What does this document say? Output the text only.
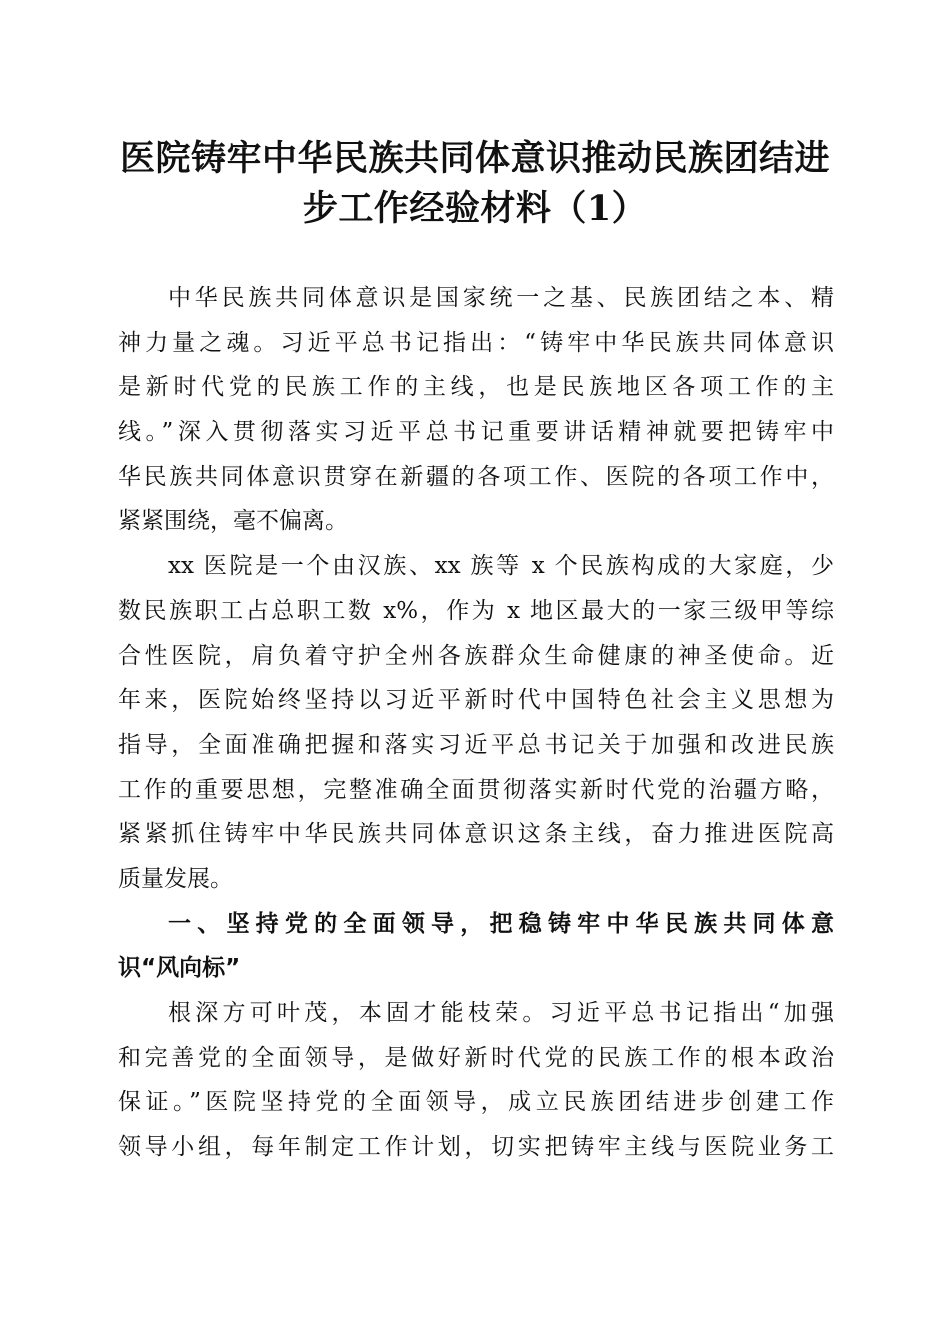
医院铸牢中华民族共同体意识推动民族团结进
步工作经验材料（1）
中华民族共同体意识是国家统一之基、民族团结之本、精
神力量之魂。习近平总书记指出：“铸牢中华民族共同体意识
是新时代党的民族工作的主线，也是民族地区各项工作的主
线。”深入贯彻落实习近平总书记重要讲话精神就要把铸牢中
华民族共同体意识贯穿在新疆的各项工作、医院的各项工作中，
紧紧围绕，毫不偏离。
xx 医院是一个由汉族、xx 族等 x 个民族构成的大家庭，少
数民族职工占总职工数 x%，作为 x 地区最大的一家三级甲等综
合性医院，肩负着守护全州各族群众生命健康的神圣使命。近
年来，医院始终坚持以习近平新时代中国特色社会主义思想为
指导，全面准确把握和落实习近平总书记关于加强和改进民族
工作的重要思想，完整准确全面贯彻落实新时代党的治疆方略，
紧紧抓住铸牢中华民族共同体意识这条主线，奋力推进医院高
质量发展。
一、坚持党的全面领导，把稳铸牢中华民族共同体意
识“风向标”
根深方可叶茂，本固才能枝荣。习近平总书记指出“加强
和完善党的全面领导，是做好新时代党的民族工作的根本政治
保证。”医院坚持党的全面领导，成立民族团结进步创建工作
领导小组，每年制定工作计划，切实把铸牢主线与医院业务工
